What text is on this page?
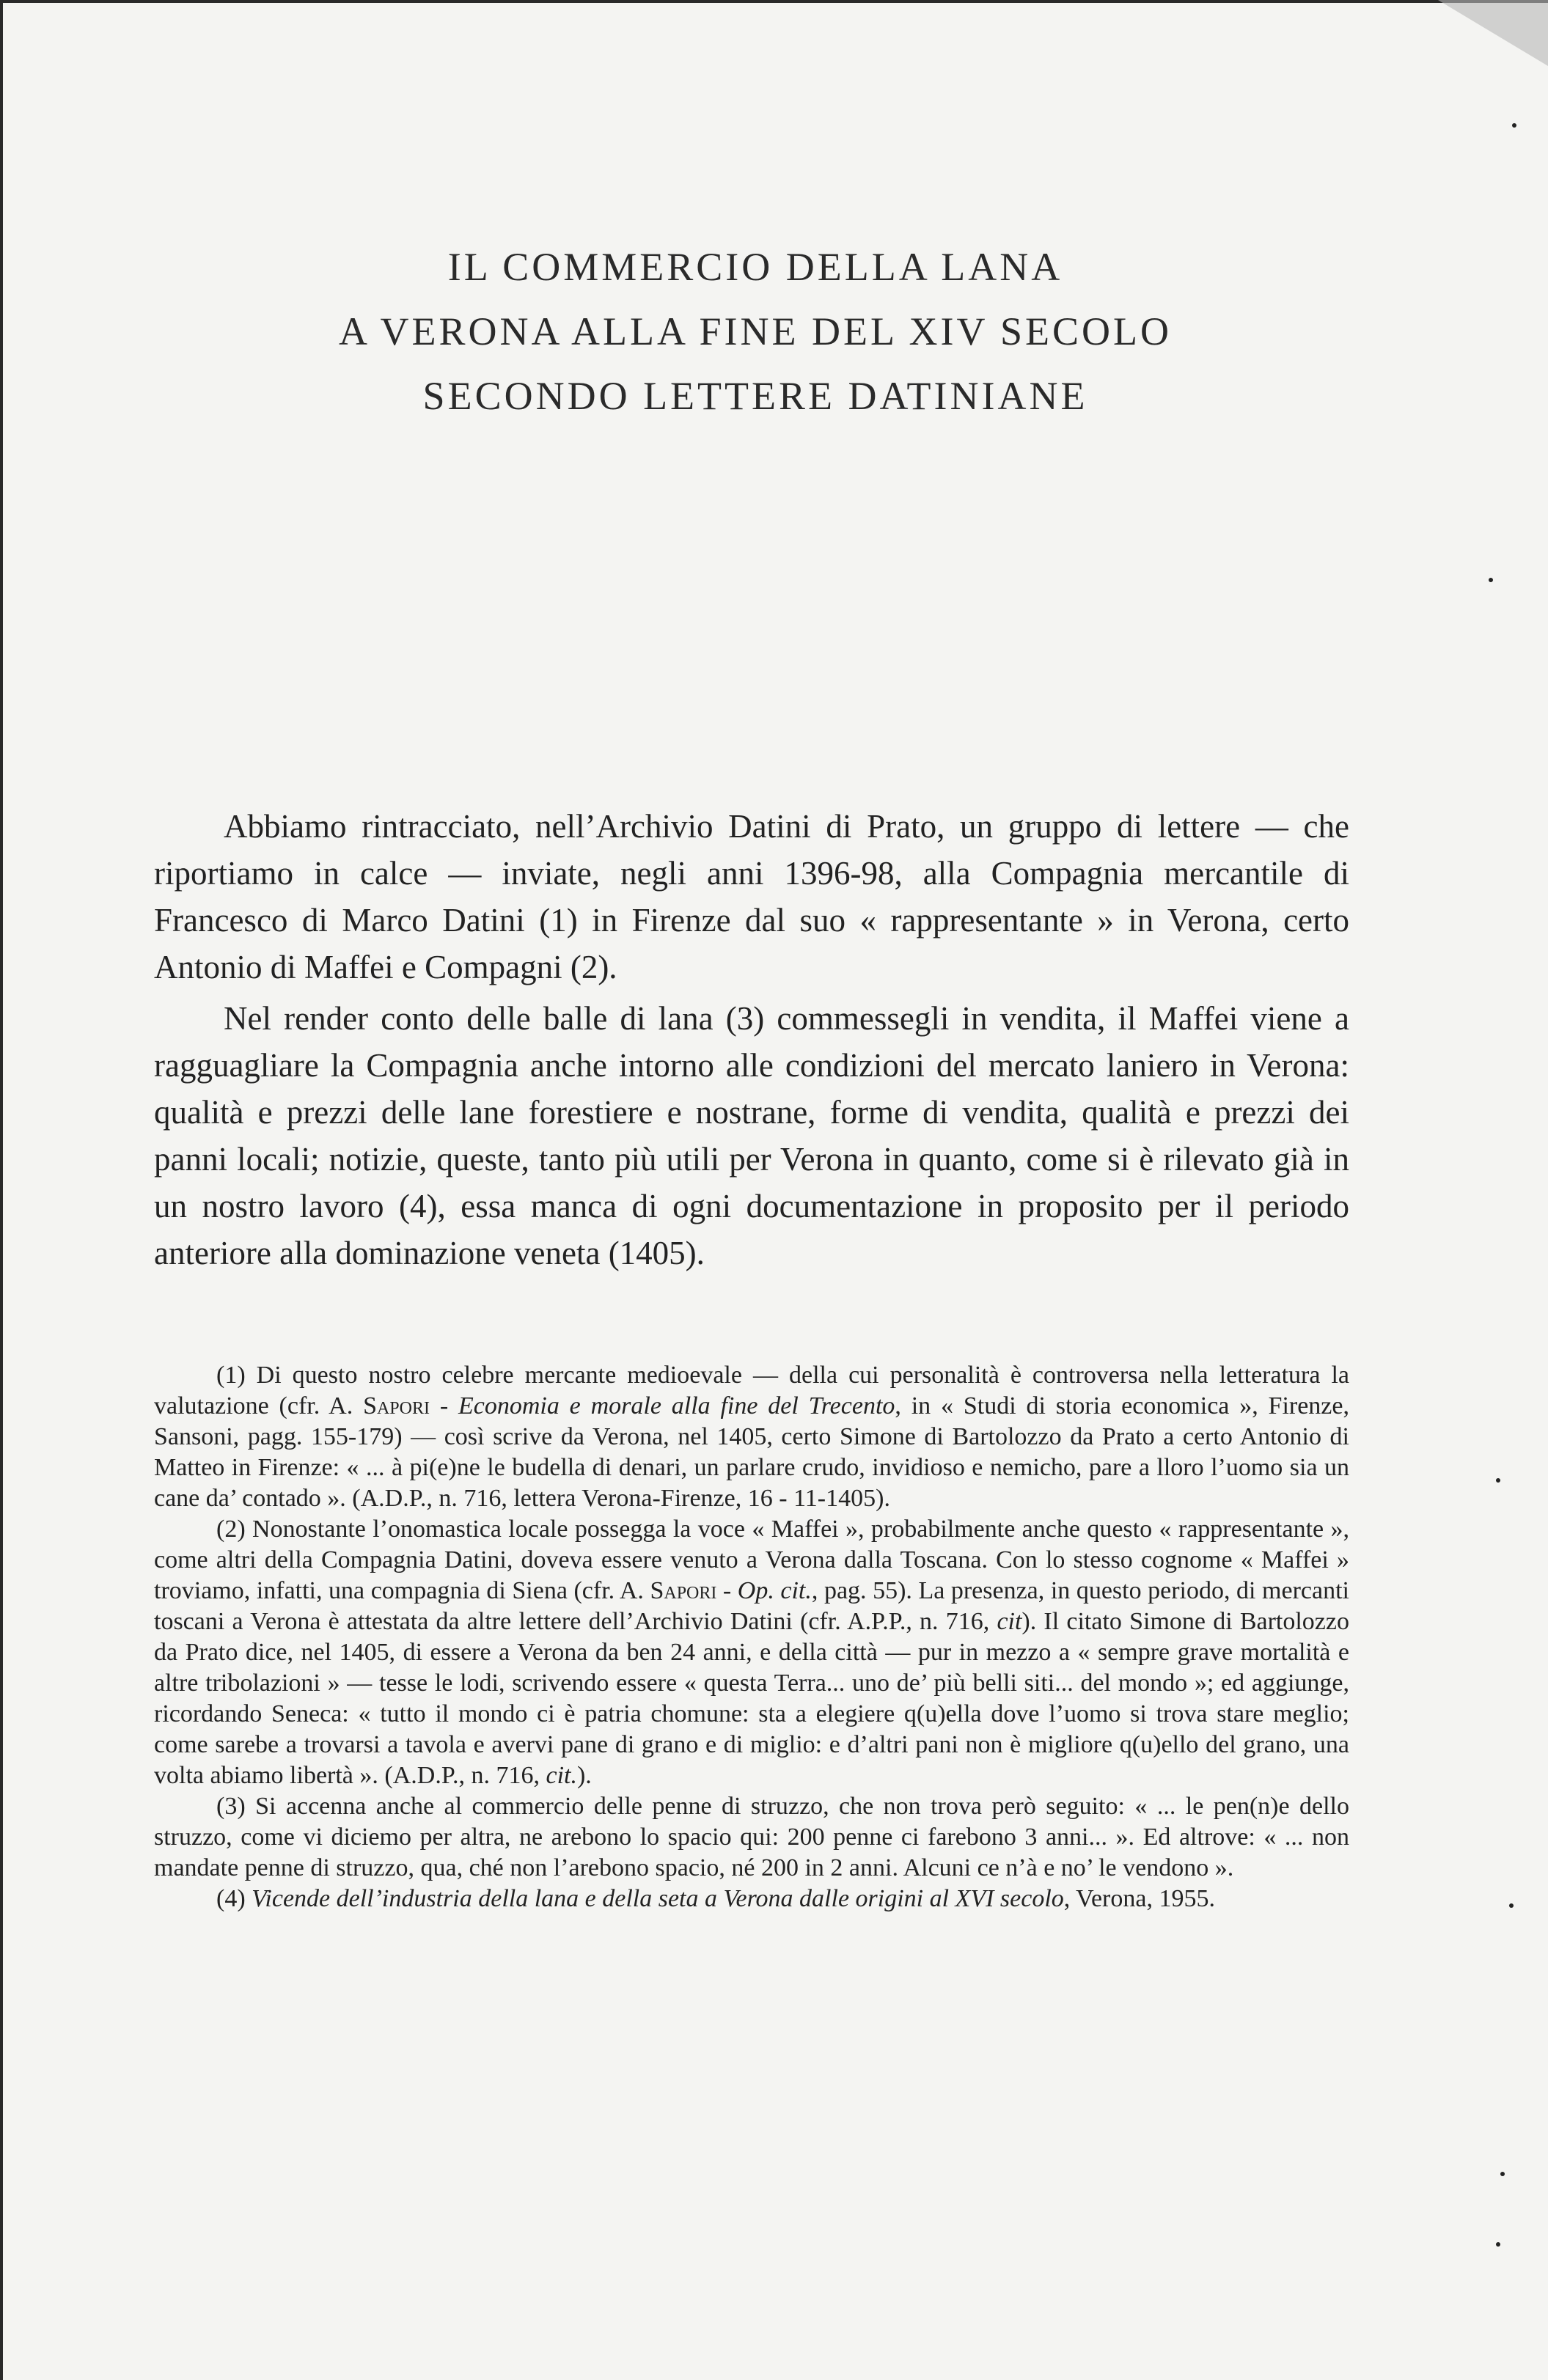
IL COMMERCIO DELLA LANA
A VERONA ALLA FINE DEL XIV SECOLO
SECONDO LETTERE DATINIANE

Abbiamo rintracciato, nell’Archivio Datini di Prato, un gruppo di lettere — che riportiamo in calce — inviate, negli anni 1396-98, alla Compagnia mercantile di Francesco di Marco Datini (1) in Firenze dal suo « rappresentante » in Verona, certo Antonio di Maffei e Compagni (2).

Nel render conto delle balle di lana (3) commessegli in vendita, il Maffei viene a ragguagliare la Compagnia anche intorno alle condizioni del mercato laniero in Verona: qualità e prezzi delle lane forestiere e nostrane, forme di vendita, qualità e prezzi dei panni locali; notizie, queste, tanto più utili per Verona in quanto, come si è rilevato già in un nostro lavoro (4), essa manca di ogni documentazione in proposito per il periodo anteriore alla dominazione veneta (1405).

(1) Di questo nostro celebre mercante medioevale — della cui personalità è controversa nella letteratura la valutazione (cfr. A. Sapori - Economia e morale alla fine del Trecento, in « Studi di storia economica », Firenze, Sansoni, pagg. 155-179) — così scrive da Verona, nel 1405, certo Simone di Bartolozzo da Prato a certo Antonio di Matteo in Firenze: « ... à pi(e)ne le budella di denari, un parlare crudo, invidioso e nemicho, pare a lloro l’uomo sia un cane da’ contado ». (A.D.P., n. 716, lettera Verona-Firenze, 16 - 11-1405).

(2) Nonostante l’onomastica locale possegga la voce « Maffei », probabilmente anche questo « rappresentante », come altri della Compagnia Datini, doveva essere venuto a Verona dalla Toscana. Con lo stesso cognome « Maffei » troviamo, infatti, una compagnia di Siena (cfr. A. Sapori - Op. cit., pag. 55). La presenza, in questo periodo, di mercanti toscani a Verona è attestata da altre lettere dell’Archivio Datini (cfr. A.P.P., n. 716, cit). Il citato Simone di Bartolozzo da Prato dice, nel 1405, di essere a Verona da ben 24 anni, e della città — pur in mezzo a « sempre grave mortalità e altre tribolazioni » — tesse le lodi, scrivendo essere « questa Terra... uno de’ più belli siti... del mondo »; ed aggiunge, ricordando Seneca: « tutto il mondo ci è patria chomune: sta a elegiere q(u)ella dove l’uomo si trova stare meglio; come sarebe a trovarsi a tavola e avervi pane di grano e di miglio: e d’altri pani non è migliore q(u)ello del grano, una volta abiamo libertà ». (A.D.P., n. 716, cit.).

(3) Si accenna anche al commercio delle penne di struzzo, che non trova però seguito: « ... le pen(n)e dello struzzo, come vi diciemo per altra, ne arebono lo spacio qui: 200 penne ci farebono 3 anni... ». Ed altrove: « ... non mandate penne di struzzo, qua, ché non l’arebono spacio, né 200 in 2 anni. Alcuni ce n’à e no’ le vendono ».

(4) Vicende dell’industria della lana e della seta a Verona dalle origini al XVI secolo, Verona, 1955.
